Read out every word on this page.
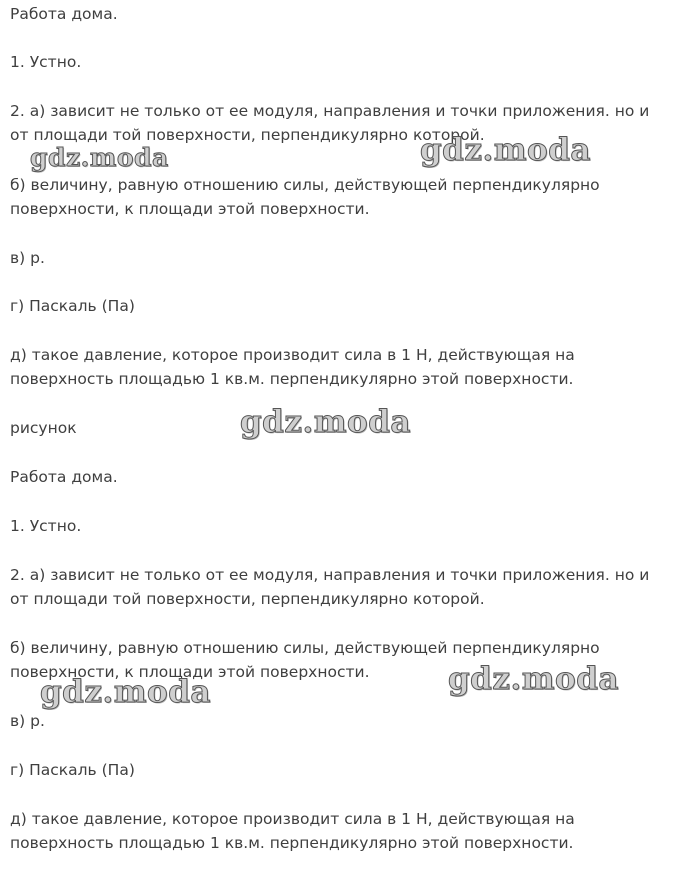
Работа дома.

1. Устно.

2. а) зависит не только от ее модуля, направления и точки приложения. но и от площади той поверхности, перпендикулярно которой.

б) величину, равную отношению силы, действующей перпендикулярно поверхности, к площади этой поверхности.

в) р.

г) Паскаль (Па)

д) такое давление, которое производит сила в 1 Н, действующая на поверхность площадью 1 кв.м. перпендикулярно этой поверхности.

рисунок

Работа дома.

1. Устно.

2. а) зависит не только от ее модуля, направления и точки приложения. но и от площади той поверхности, перпендикулярно которой.

б) величину, равную отношению силы, действующей перпендикулярно поверхности, к площади этой поверхности.

в) р.

г) Паскаль (Па)

д) такое давление, которое производит сила в 1 Н, действующая на поверхность площадью 1 кв.м. перпендикулярно этой поверхности.

gdz.moda	gdz.moda
gdz.moda
gdz.moda	gdz.moda
